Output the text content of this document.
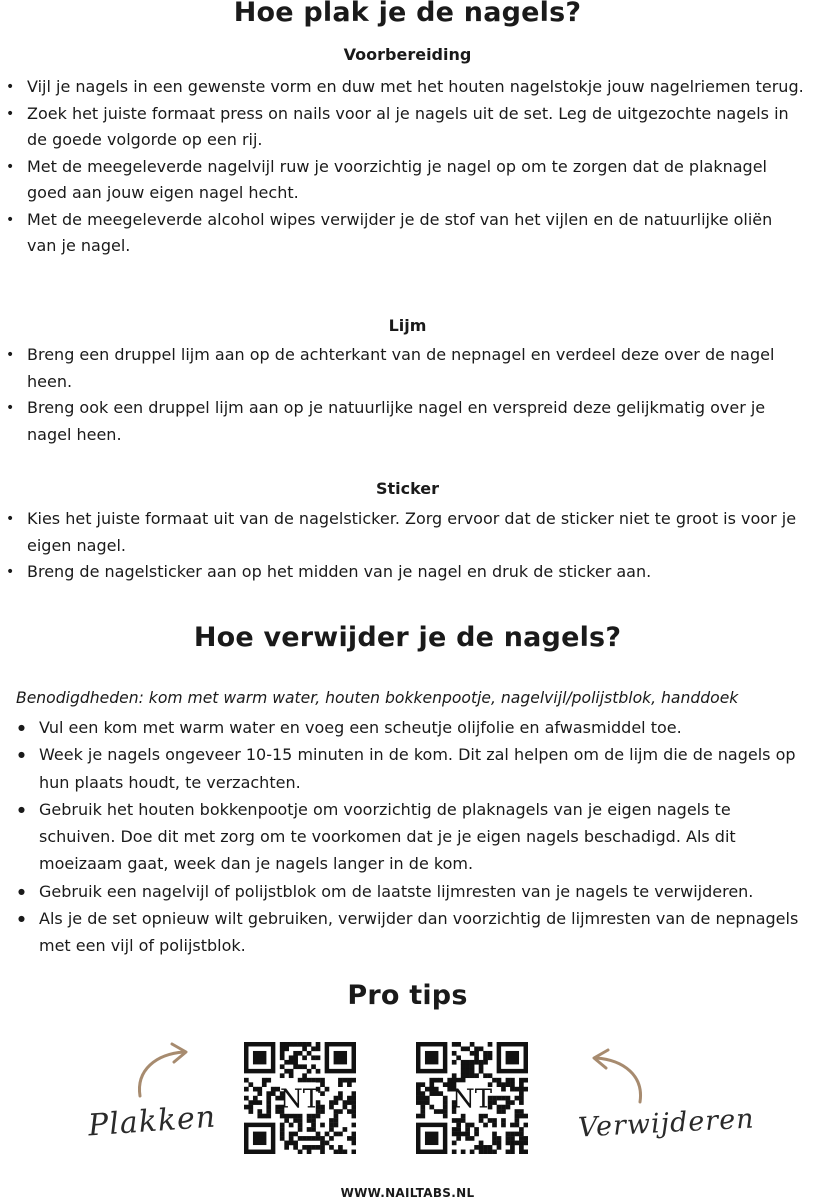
Hoe plak je de nagels?
Voorbereiding
• Vijl je nagels in een gewenste vorm en duw met het houten nagelstokje jouw nagelriemen terug.
• Zoek het juiste formaat press on nails voor al je nagels uit de set. Leg de uitgezochte nagels in de goede volgorde op een rij.
• Met de meegeleverde nagelvijl ruw je voorzichtig je nagel op om te zorgen dat de plaknagel goed aan jouw eigen nagel hecht.
• Met de meegeleverde alcohol wipes verwijder je de stof van het vijlen en de natuurlijke oliën van je nagel.
Lijm
• Breng een druppel lijm aan op de achterkant van de nepnagel en verdeel deze over de nagel heen.
• Breng ook een druppel lijm aan op je natuurlijke nagel en verspreid deze gelijkmatig over je nagel heen.
Sticker
• Kies het juiste formaat uit van de nagelsticker. Zorg ervoor dat de sticker niet te groot is voor je eigen nagel.
• Breng de nagelsticker aan op het midden van je nagel en druk de sticker aan.
Hoe verwijder je de nagels?
Benodigdheden: kom met warm water, houten bokkenpootje, nagelvijl/polijstblok, handdoek
● Vul een kom met warm water en voeg een scheutje olijfolie en afwasmiddel toe.
● Week je nagels ongeveer 10-15 minuten in de kom. Dit zal helpen om de lijm die de nagels op hun plaats houdt, te verzachten.
● Gebruik het houten bokkenpootje om voorzichtig de plaknagels van je eigen nagels te schuiven. Doe dit met zorg om te voorkomen dat je je eigen nagels beschadigd. Als dit moeizaam gaat, week dan je nagels langer in de kom.
● Gebruik een nagelvijl of polijstblok om de laatste lijmresten van je nagels te verwijderen.
● Als je de set opnieuw wilt gebruiken, verwijder dan voorzichtig de lijmresten van de nepnagels met een vijl of polijstblok.
Pro tips
Plakken	Verwijderen
NT	NT
WWW.NAILTABS.NL
